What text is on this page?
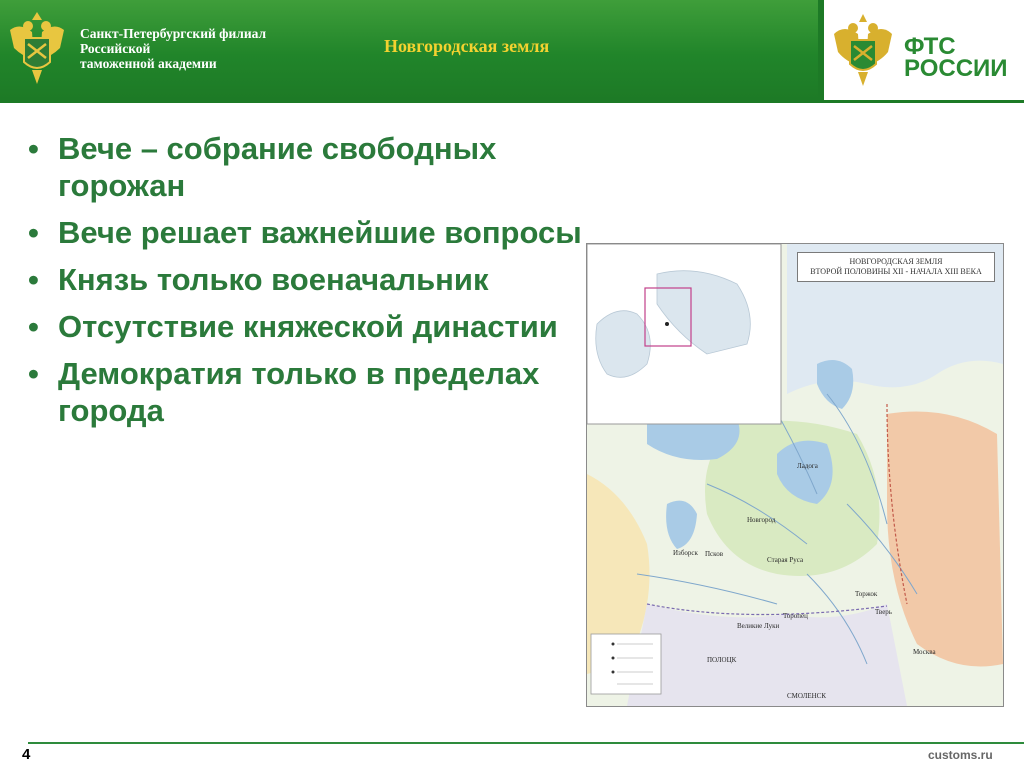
Санкт-Петербургский филиал
Российской
таможенной академии
Новгородская земля	ФТС
РОССИИ
• Вече – собрание свободных горожан
• Вече решает важнейшие вопросы
• Князь только военачальник
• Отсутствие княжеской династии
• Демократия только в пределах города
НОВГОРОДСКАЯ ЗЕМЛЯ
ВТОРОЙ ПОЛОВИНЫ XII - НАЧАЛА XIII ВЕКА
Ладога
Новгород
Старая Руса
Изборск Псков
Великие Луки
Торопец
ПОЛОЦК
СМОЛЕНСК
Москва
Торжок
Тверь
4	customs.ru
